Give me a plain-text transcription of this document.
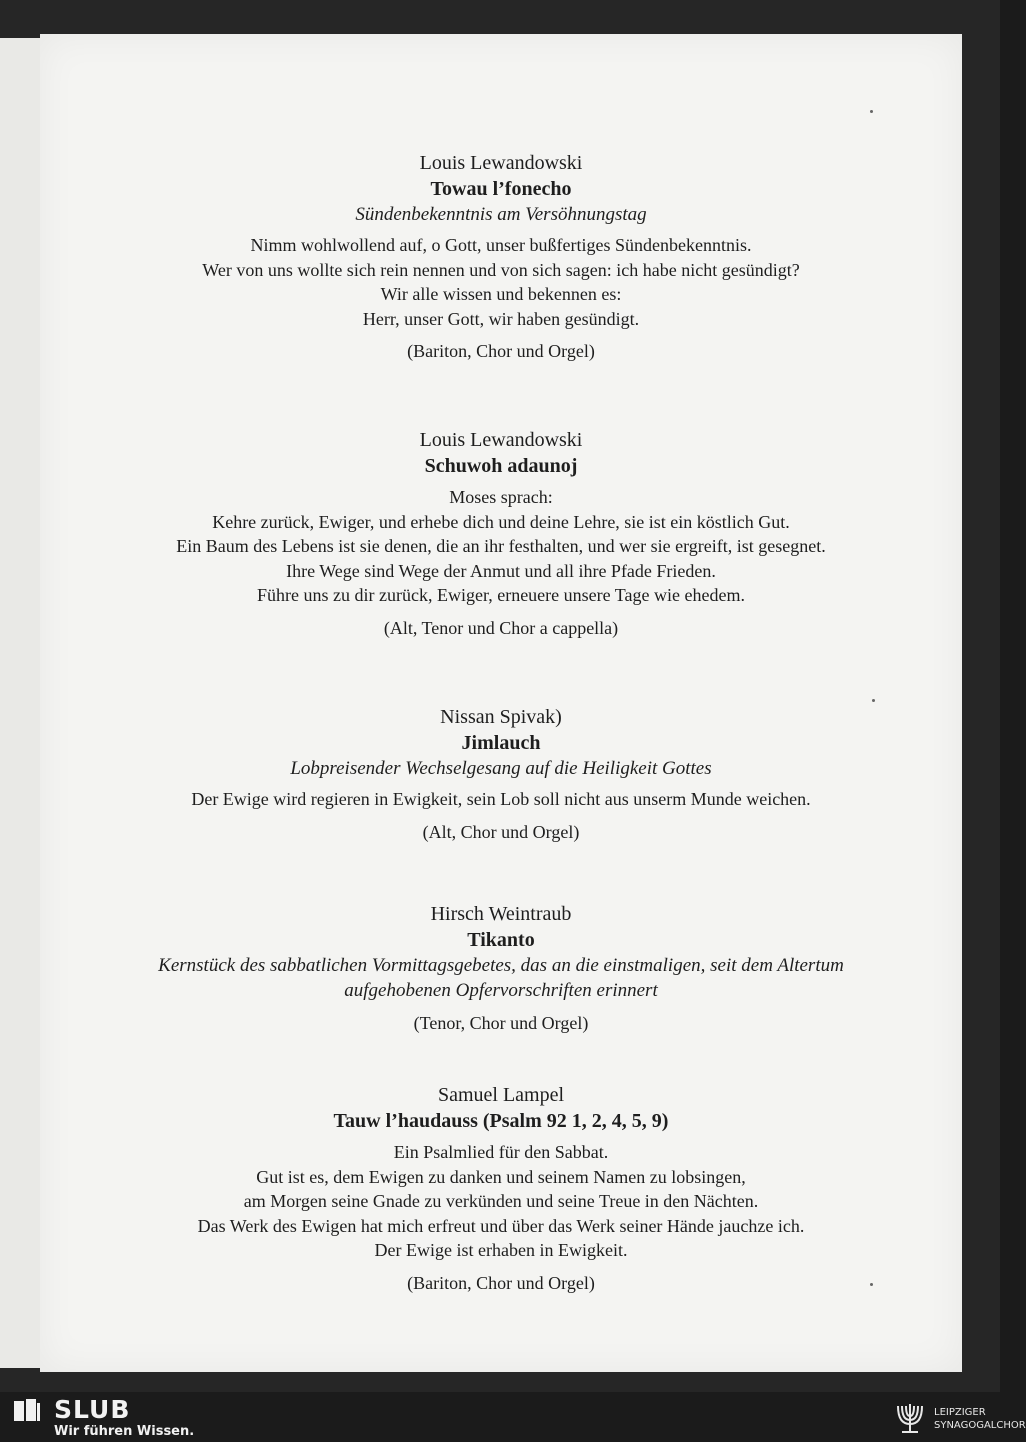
Louis Lewandowski

Towau l’fonecho

Sündenbekenntnis am Versöhnungstag

Nimm wohlwollend auf, o Gott, unser bußfertiges Sündenbekenntnis.

Wer von uns wollte sich rein nennen und von sich sagen: ich habe nicht gesündigt?

Wir alle wissen und bekennen es:

Herr, unser Gott, wir haben gesündigt.

(Bariton, Chor und Orgel)

Louis Lewandowski

Schuwoh adaunoj

Moses sprach:

Kehre zurück, Ewiger, und erhebe dich und deine Lehre, sie ist ein köstlich Gut.

Ein Baum des Lebens ist sie denen, die an ihr festhalten, und wer sie ergreift, ist gesegnet.

Ihre Wege sind Wege der Anmut und all ihre Pfade Frieden.

Führe uns zu dir zurück, Ewiger, erneuere unsere Tage wie ehedem.

(Alt, Tenor und Chor a cappella)

Nissan Spivak)

Jimlauch

Lobpreisender Wechselgesang auf die Heiligkeit Gottes

Der Ewige wird regieren in Ewigkeit, sein Lob soll nicht aus unserm Munde weichen.

(Alt, Chor und Orgel)

Hirsch Weintraub

Tikanto

Kernstück des sabbatlichen Vormittagsgebetes, das an die einstmaligen, seit dem Altertum

aufgehobenen Opfervorschriften erinnert

(Tenor, Chor und Orgel)

Samuel Lampel

Tauw l’haudauss (Psalm 92 1, 2, 4, 5, 9)

Ein Psalmlied für den Sabbat.

Gut ist es, dem Ewigen zu danken und seinem Namen zu lobsingen,

am Morgen seine Gnade zu verkünden und seine Treue in den Nächten.

Das Werk des Ewigen hat mich erfreut und über das Werk seiner Hände jauchze ich.

Der Ewige ist erhaben in Ewigkeit.

(Bariton, Chor und Orgel)

SLUB
Wir führen Wissen.
LEIPZIGER
SYNAGOGALCHOR
